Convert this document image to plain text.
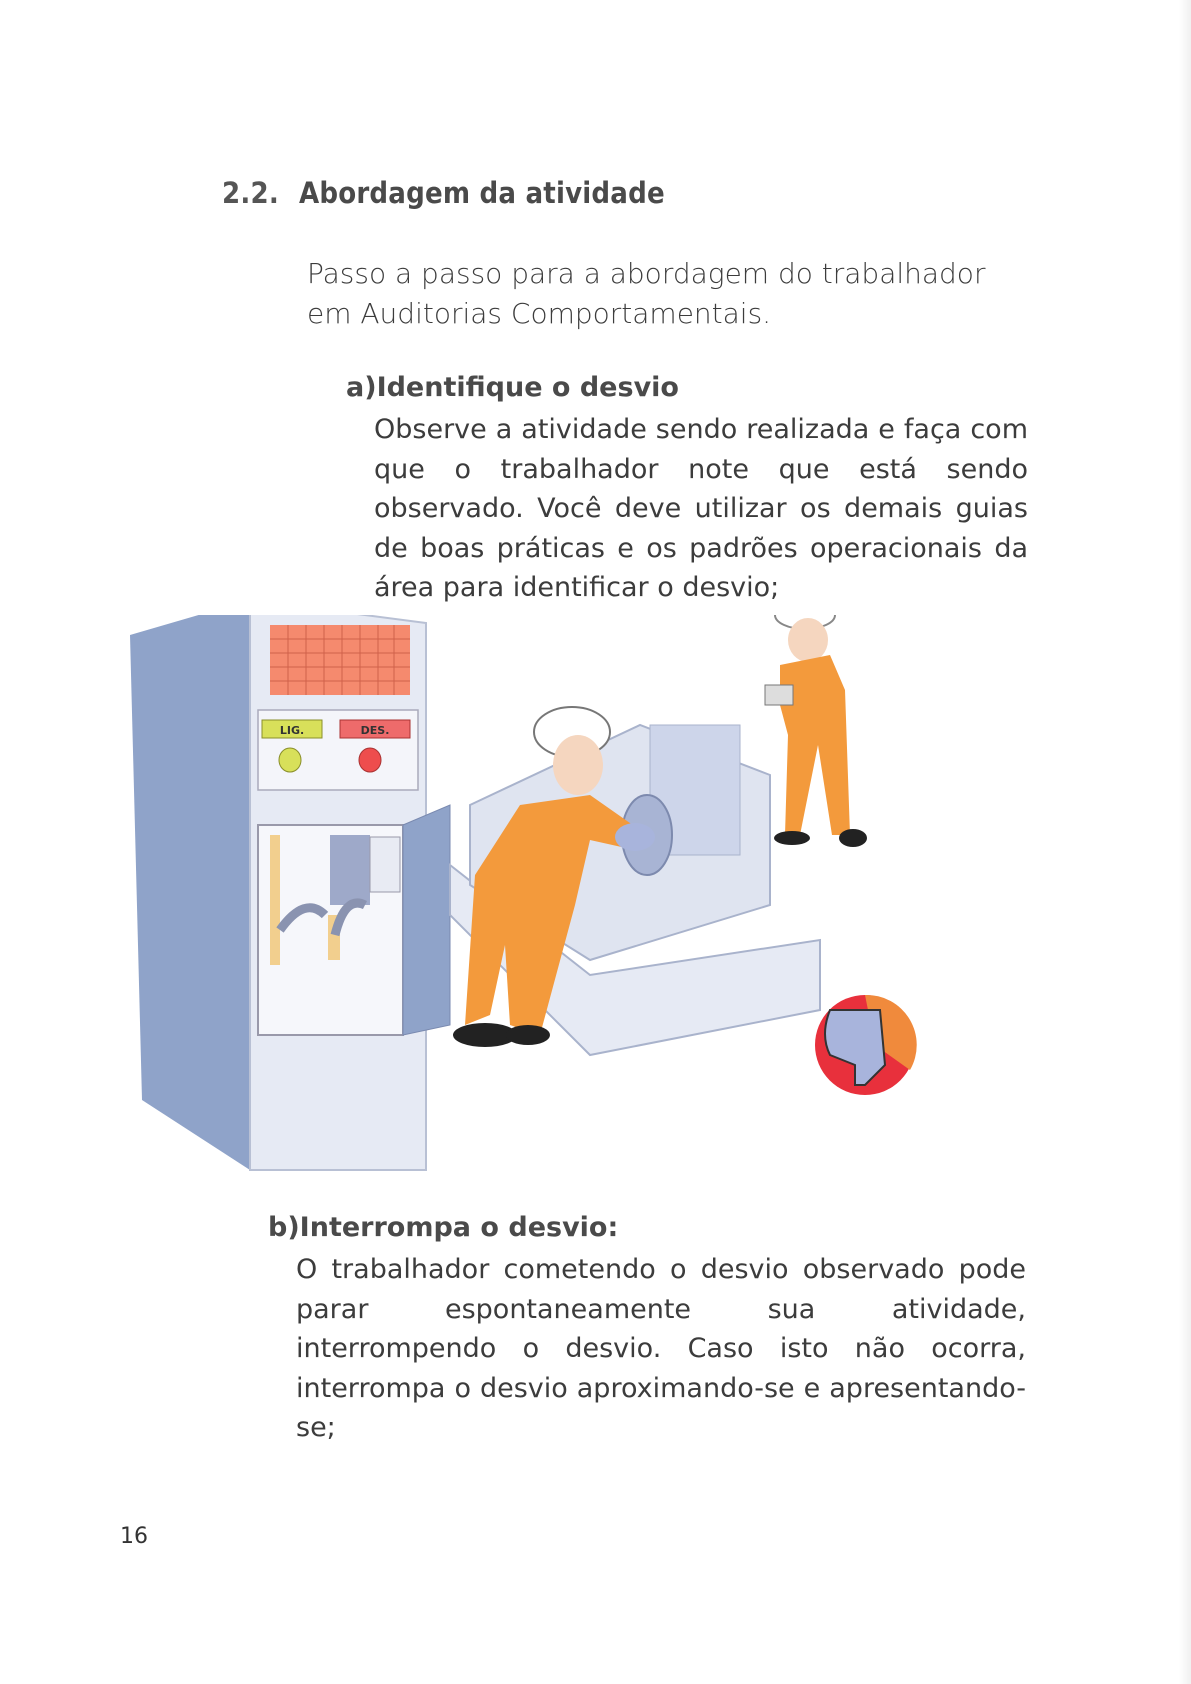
2.2. Abordagem da atividade
Passo a passo para a abordagem do trabalhador em Auditorias Comportamentais.
a)Identifique o desvio
Observe a atividade sendo realizada e faça com que o trabalhador note que está sendo observado. Você deve utilizar os demais guias de boas práticas e os padrões operacionais da área para identificar o desvio;
LIG.	DES.
b)Interrompa o desvio:
O trabalhador cometendo o desvio observado pode parar espontaneamente sua atividade, interrompendo o desvio. Caso isto não ocorra, interrompa o desvio aproximando-se e apresentando-se;
16
